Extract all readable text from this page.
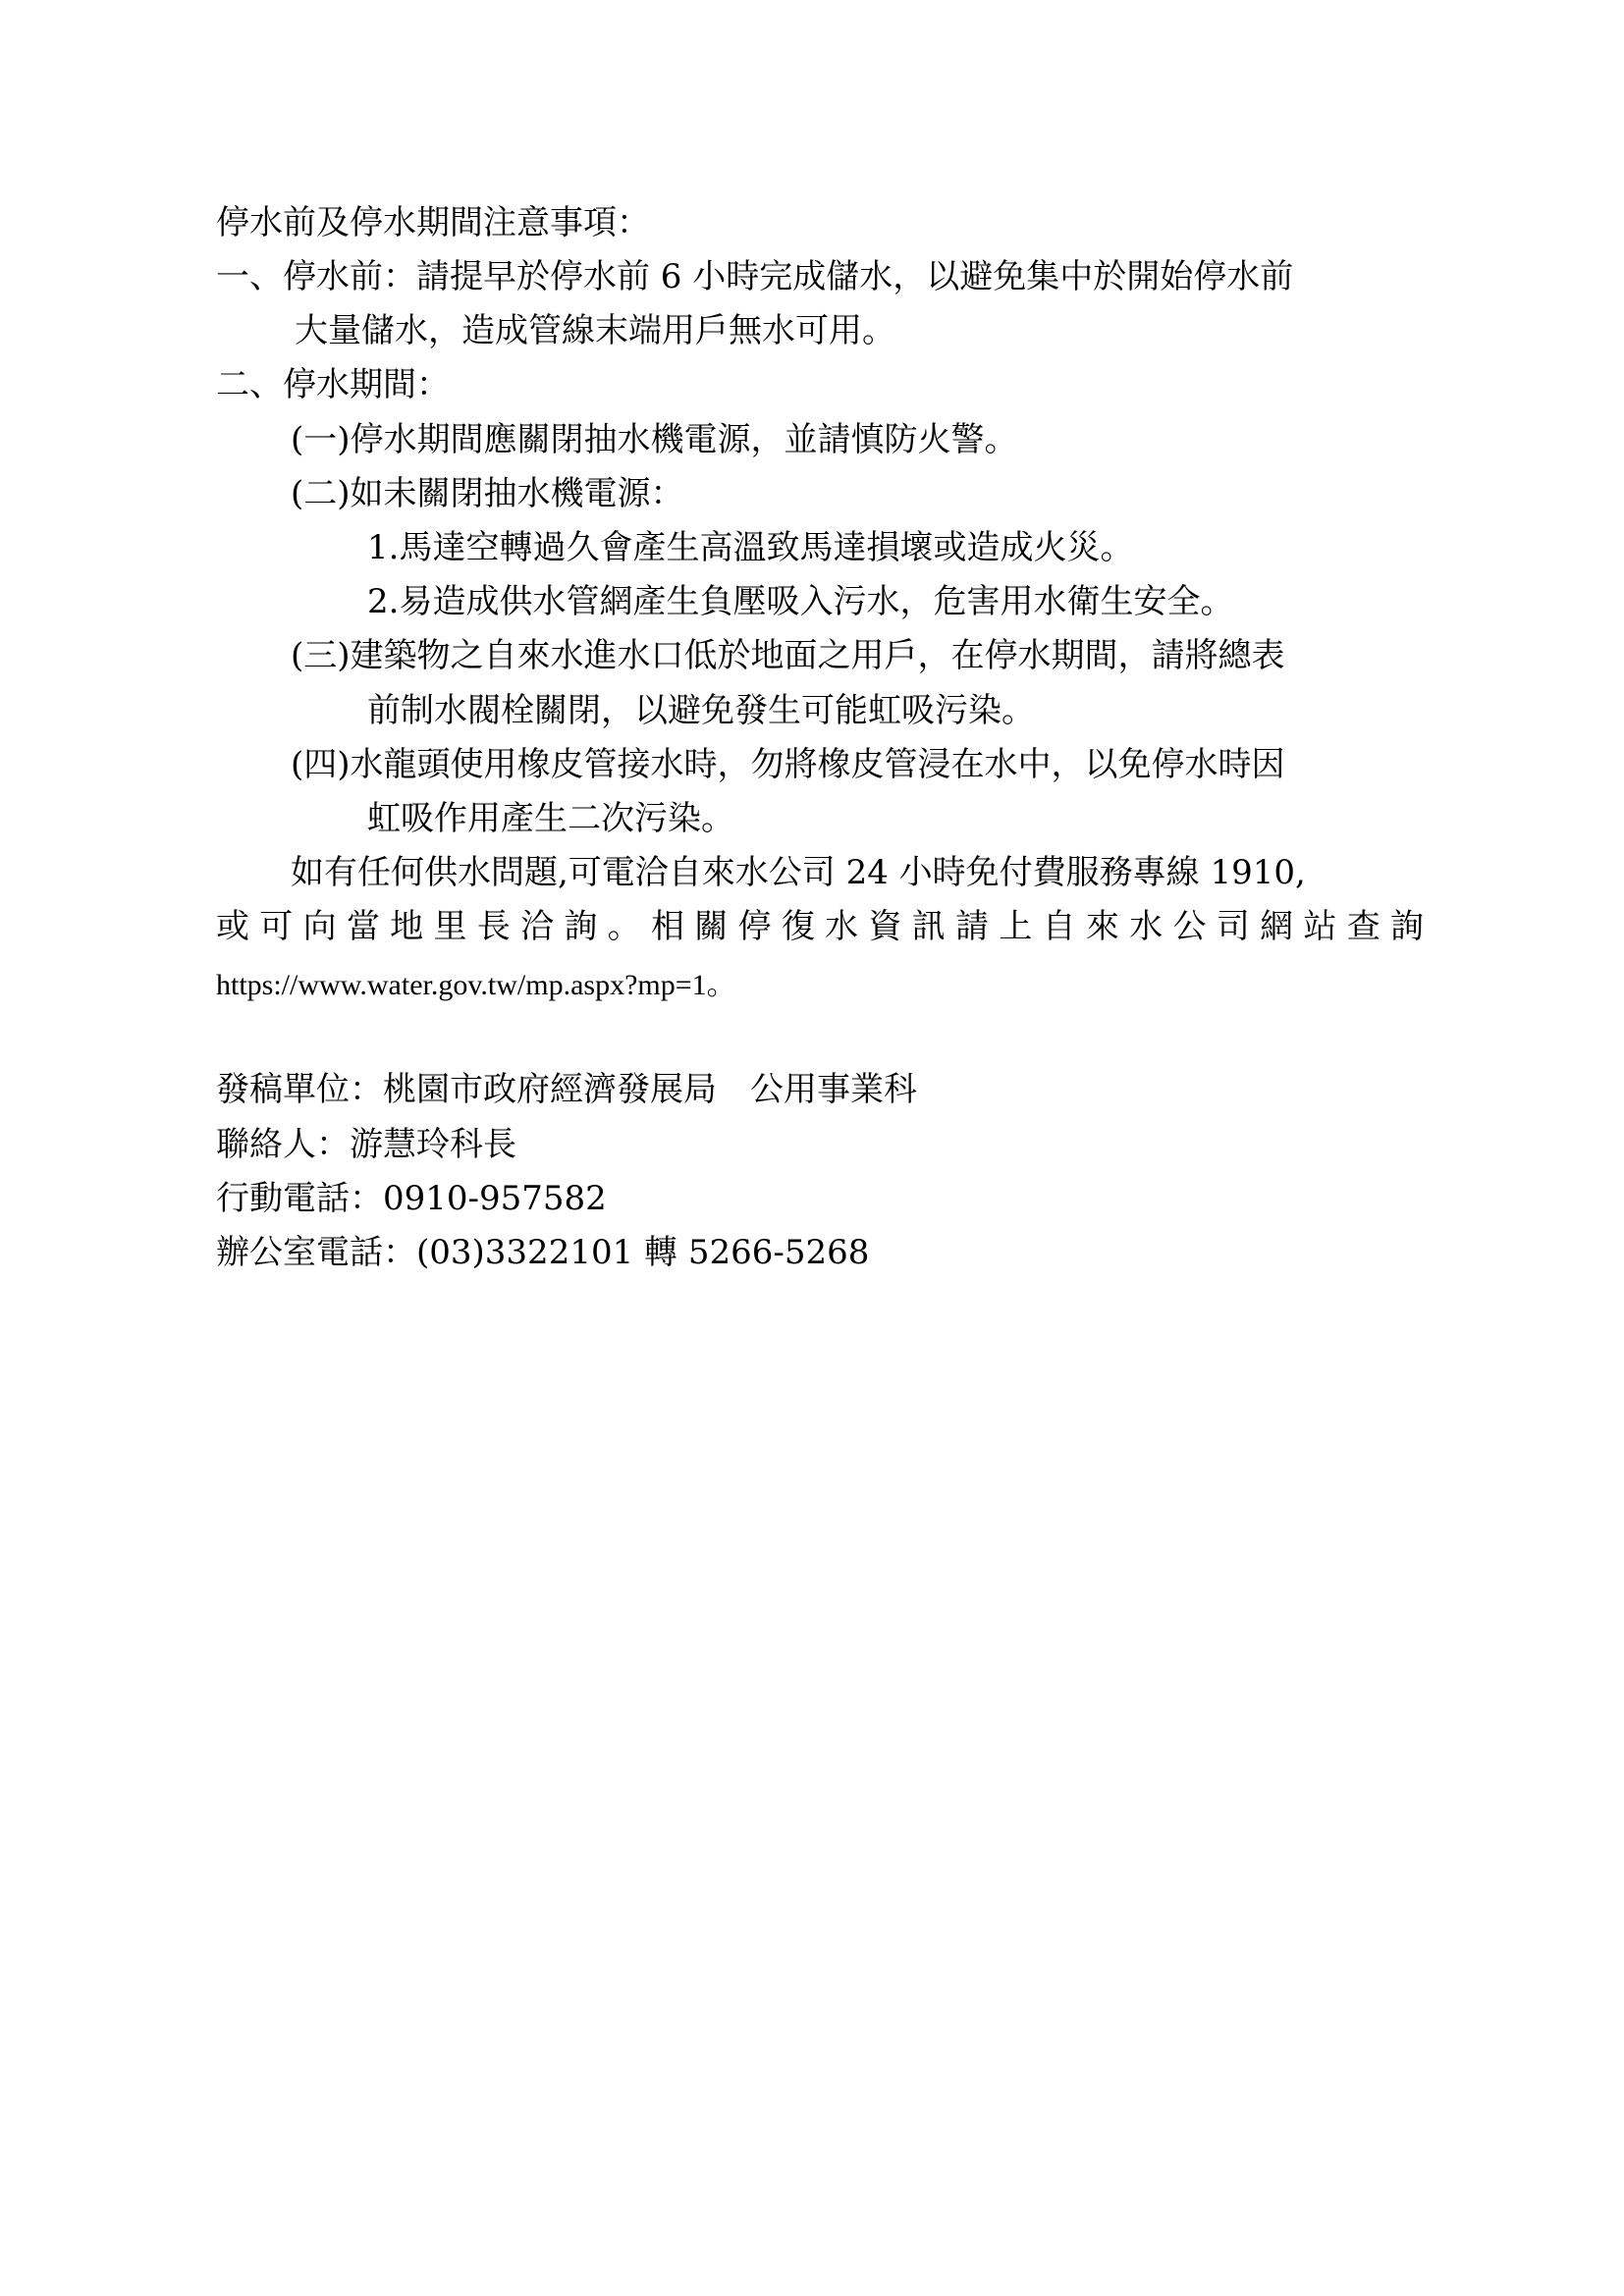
停水前及停水期間注意事項：
一、停水前：請提早於停水前 6 小時完成儲水，以避免集中於開始停水前
大量儲水，造成管線末端用戶無水可用。
二、停水期間：
(一)停水期間應關閉抽水機電源，並請慎防火警。
(二)如未關閉抽水機電源：
1.馬達空轉過久會產生高溫致馬達損壞或造成火災。
2.易造成供水管網產生負壓吸入污水，危害用水衛生安全。
(三)建築物之自來水進水口低於地面之用戶，在停水期間，請將總表
前制水閥栓關閉，以避免發生可能虹吸污染。
(四)水龍頭使用橡皮管接水時，勿將橡皮管浸在水中，以免停水時因
虹吸作用產生二次污染。
如有任何供水問題,可電洽自來水公司 24 小時免付費服務專線 1910,
或可向當地里長洽詢。相關停復水資訊請上自來水公司網站查詢
https://www.water.gov.tw/mp.aspx?mp=1。
發稿單位：桃園市政府經濟發展局　公用事業科
聯絡人：游慧玲科長
行動電話：0910-957582
辦公室電話：(03)3322101 轉 5266-5268
